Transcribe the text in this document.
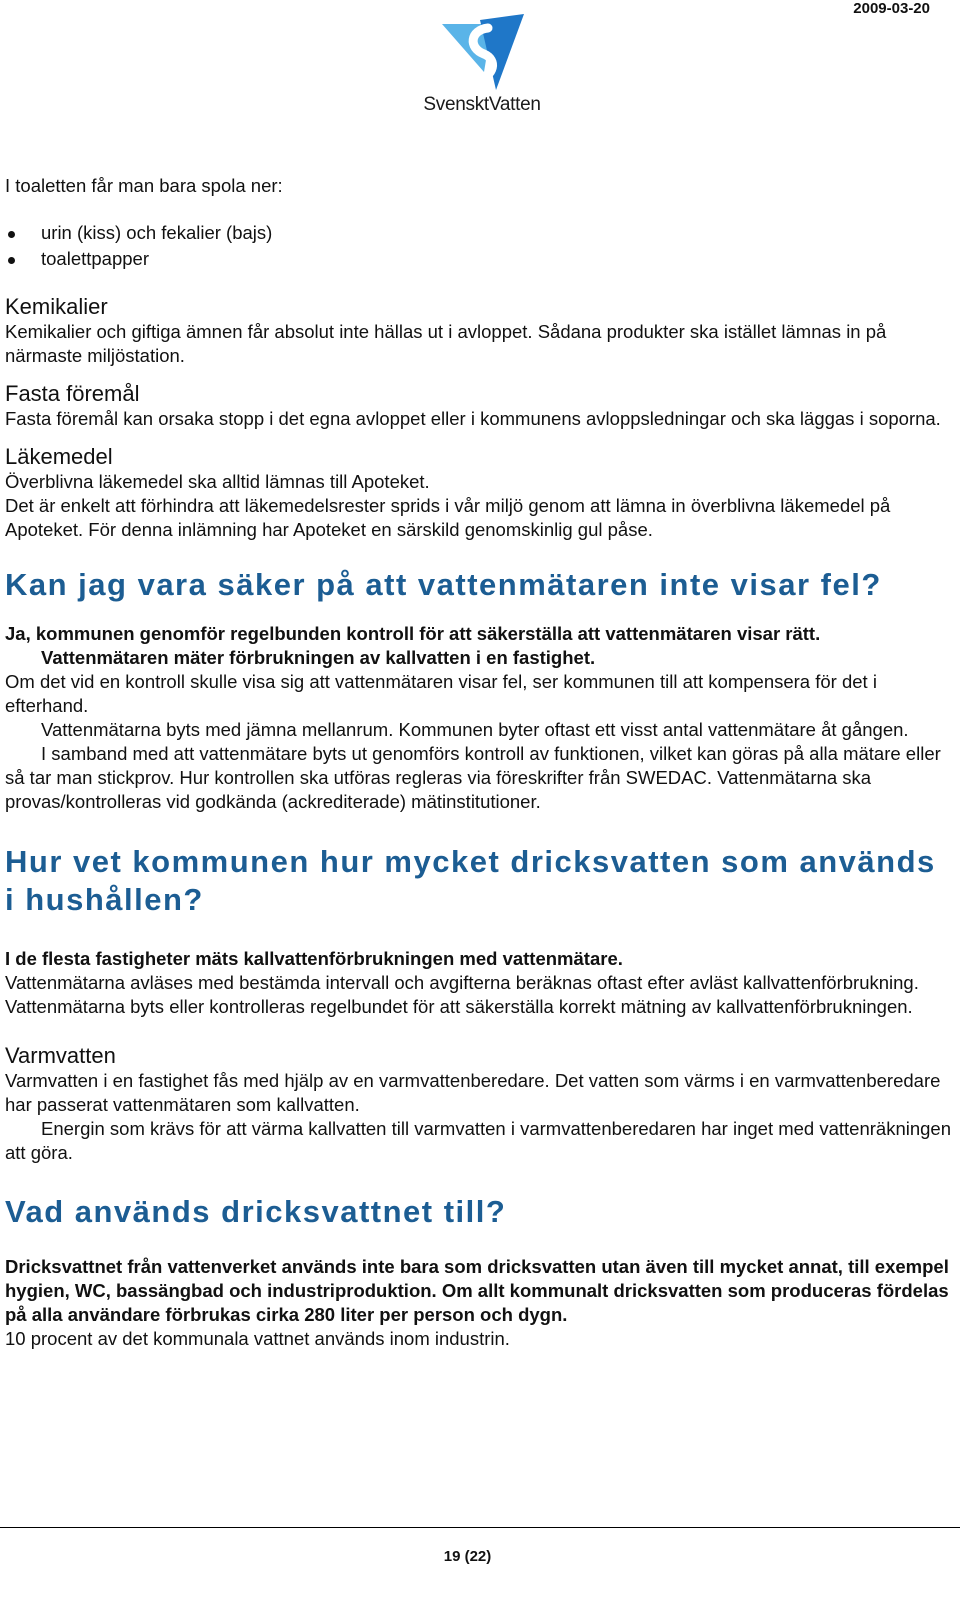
2009-03-20
SvensktVatten

I toaletten får man bara spola ner:

urin (kiss) och fekalier (bajs)
toalettpapper
Kemikalier

Kemikalier och giftiga ämnen får absolut inte hällas ut i avloppet. Sådana produkter ska istället lämnas in på närmaste miljöstation.

Fasta föremål

Fasta föremål kan orsaka stopp i det egna avloppet eller i kommunens avloppsledningar och ska läggas i soporna.

Läkemedel

Överblivna läkemedel ska alltid lämnas till Apoteket.

Det är enkelt att förhindra att läkemedelsrester sprids i vår miljö genom att lämna in överblivna läkemedel på Apoteket. För denna inlämning har Apoteket en särskild genomskinlig gul påse.

Kan jag vara säker på att vattenmätaren inte visar fel?

Ja, kommunen genomför regelbunden kontroll för att säkerställa att vattenmätaren visar rätt.

Vattenmätaren mäter förbrukningen av kallvatten i en fastighet.

Om det vid en kontroll skulle visa sig att vattenmätaren visar fel, ser kommunen till att kompensera för det i efterhand.

Vattenmätarna byts med jämna mellanrum. Kommunen byter oftast ett visst antal vattenmätare åt gången.

I samband med att vattenmätare byts ut genomförs kontroll av funktionen, vilket kan göras på alla mätare eller så tar man stickprov. Hur kontrollen ska utföras regleras via föreskrifter från SWEDAC. Vattenmätarna ska provas/kontrolleras vid godkända (ackrediterade) mätinstitutioner.

Hur vet kommunen hur mycket dricksvatten som används i hushållen?

I de flesta fastigheter mäts kallvattenförbrukningen med vattenmätare.

Vattenmätarna avläses med bestämda intervall och avgifterna beräknas oftast efter avläst kallvattenförbrukning. Vattenmätarna byts eller kontrolleras regelbundet för att säkerställa korrekt mätning av kallvattenförbrukningen.

Varmvatten

Varmvatten i en fastighet fås med hjälp av en varmvattenberedare. Det vatten som värms i en varmvattenberedare har passerat vattenmätaren som kallvatten.

Energin som krävs för att värma kallvatten till varmvatten i varmvattenberedaren har inget med vattenräkningen att göra.

Vad används dricksvattnet till?

Dricksvattnet från vattenverket används inte bara som dricksvatten utan även till mycket annat, till exempel hygien, WC, bassängbad och industriproduktion. Om allt kommunalt dricksvatten som produceras fördelas på alla användare förbrukas cirka 280 liter per person och dygn.

10 procent av det kommunala vattnet används inom industrin.

19 (22)
